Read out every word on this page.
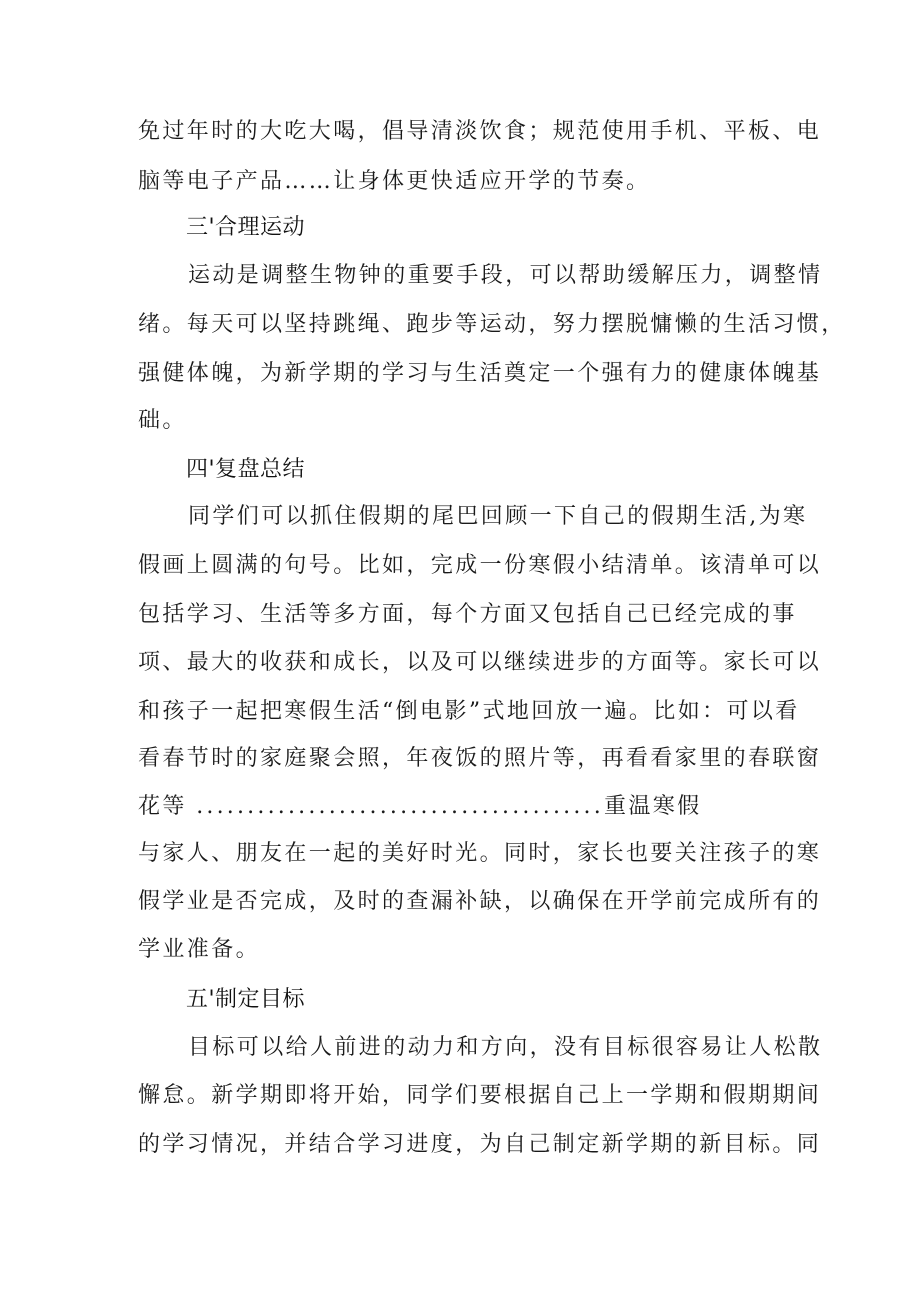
免过年时的大吃大喝，倡导清淡饮食；规范使用手机、平板、电
脑等电子产品……让身体更快适应开学的节奏。
三'合理运动
运动是调整生物钟的重要手段，可以帮助缓解压力，调整情
绪。每天可以坚持跳绳、跑步等运动，努力摆脱慵懒的生活习惯，
强健体魄，为新学期的学习与生活奠定一个强有力的健康体魄基
础。
四'复盘总结
同学们可以抓住假期的尾巴回顾一下自己的假期生活,为寒
假画上圆满的句号。比如，完成一份寒假小结清单。该清单可以
包括学习、生活等多方面，每个方面又包括自己已经完成的事
项、最大的收获和成长，以及可以继续进步的方面等。家长可以
和孩子一起把寒假生活“倒电影”式地回放一遍。比如：可以看
看春节时的家庭聚会照，年夜饭的照片等，再看看家里的春联窗
花等 ........................................重温寒假
与家人、朋友在一起的美好时光。同时，家长也要关注孩子的寒
假学业是否完成，及时的查漏补缺，以确保在开学前完成所有的
学业准备。
五'制定目标
目标可以给人前进的动力和方向，没有目标很容易让人松散
懈怠。新学期即将开始，同学们要根据自己上一学期和假期期间
的学习情况，并结合学习进度，为自己制定新学期的新目标。同
